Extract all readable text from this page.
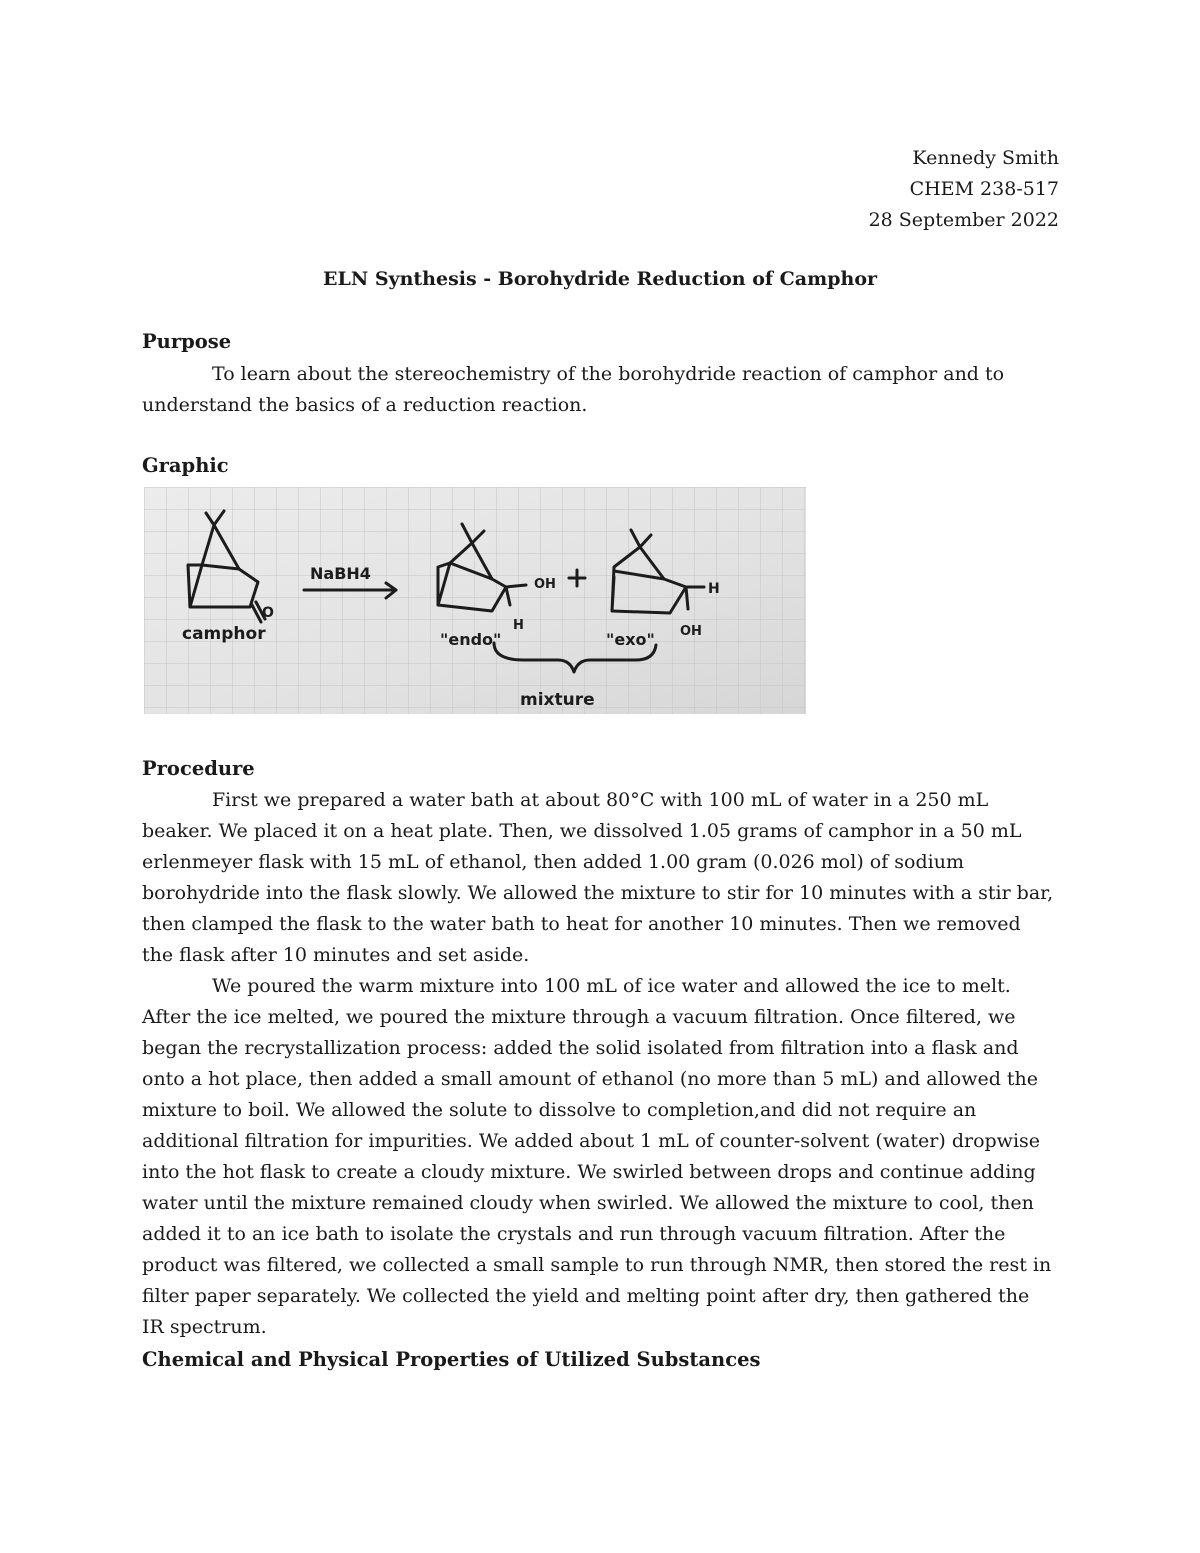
Kennedy Smith
CHEM 238-517
28 September 2022
ELN Synthesis - Borohydride Reduction of Camphor
Purpose

To learn about the stereochemistry of the borohydride reaction of camphor and to understand the basics of a reduction reaction.

Graphic
NaBH4
camphor
O
OH
H
"endo"	"exo"
H
OH
mixture
Procedure

First we prepared a water bath at about 80°C with 100 mL of water in a 250 mL beaker. We placed it on a heat plate. Then, we dissolved 1.05 grams of camphor in a 50 mL erlenmeyer flask with 15 mL of ethanol, then added 1.00 gram (0.026 mol) of sodium borohydride into the flask slowly. We allowed the mixture to stir for 10 minutes with a stir bar, then clamped the flask to the water bath to heat for another 10 minutes. Then we removed the flask after 10 minutes and set aside.

We poured the warm mixture into 100 mL of ice water and allowed the ice to melt. After the ice melted, we poured the mixture through a vacuum filtration. Once filtered, we began the recrystallization process: added the solid isolated from filtration into a flask and onto a hot place, then added a small amount of ethanol (no more than 5 mL) and allowed the mixture to boil. We allowed the solute to dissolve to completion,and did not require an additional filtration for impurities. We added about 1 mL of counter-solvent (water) dropwise into the hot flask to create a cloudy mixture. We swirled between drops and continue adding water until the mixture remained cloudy when swirled. We allowed the mixture to cool, then added it to an ice bath to isolate the crystals and run through vacuum filtration. After the product was filtered, we collected a small sample to run through NMR, then stored the rest in filter paper separately. We collected the yield and melting point after dry, then gathered the IR spectrum.

Chemical and Physical Properties of Utilized Substances
